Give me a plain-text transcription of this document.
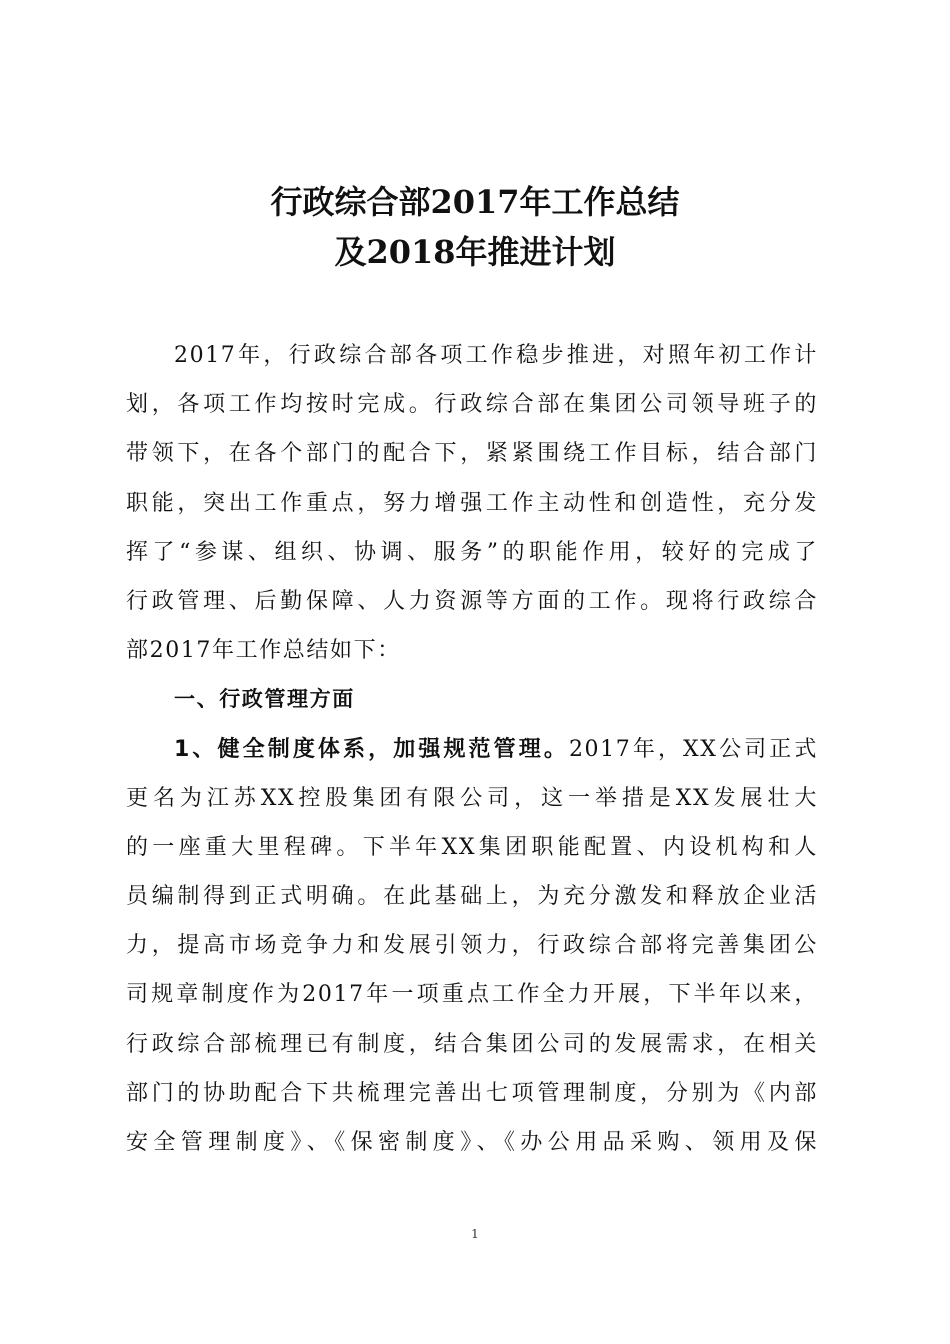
行政综合部2017年工作总结
及2018年推进计划
2017年，行政综合部各项工作稳步推进，对照年初工作计
划，各项工作均按时完成。行政综合部在集团公司领导班子的
带领下，在各个部门的配合下，紧紧围绕工作目标，结合部门
职能，突出工作重点，努力增强工作主动性和创造性，充分发
挥了“参谋、组织、协调、服务”的职能作用，较好的完成了
行政管理、后勤保障、人力资源等方面的工作。现将行政综合
部2017年工作总结如下：
一、行政管理方面
1、健全制度体系，加强规范管理。2017年，XX公司正式
更名为江苏XX控股集团有限公司，这一举措是XX发展壮大
的一座重大里程碑。下半年XX集团职能配置、内设机构和人
员编制得到正式明确。在此基础上，为充分激发和释放企业活
力，提高市场竞争力和发展引领力，行政综合部将完善集团公
司规章制度作为2017年一项重点工作全力开展，下半年以来，
行政综合部梳理已有制度，结合集团公司的发展需求，在相关
部门的协助配合下共梳理完善出七项管理制度，分别为《内部
安全管理制度》、《保密制度》、《办公用品采购、领用及保
1
